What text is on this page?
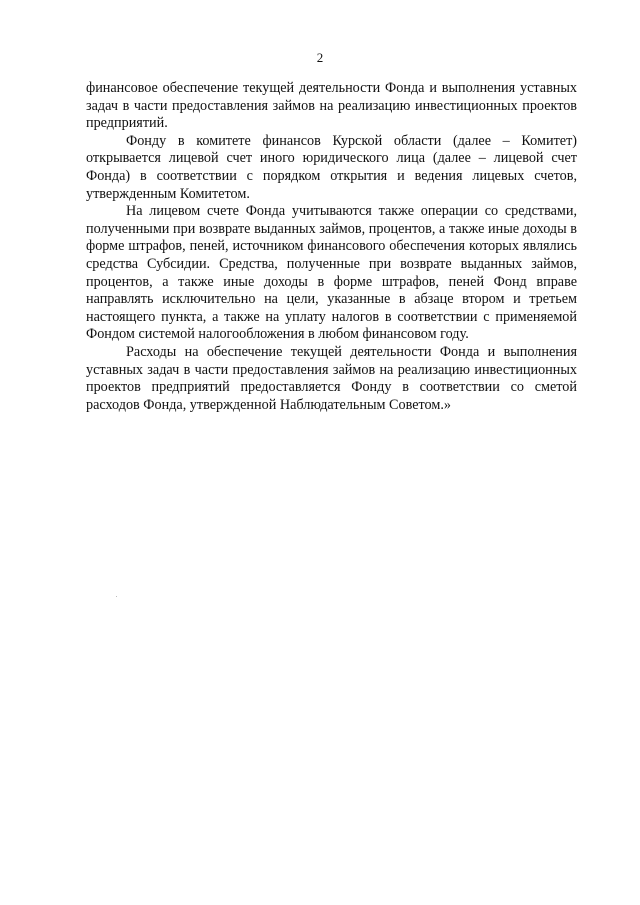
2

финансовое обеспечение текущей деятельности Фонда и выполнения уставных задач в части предоставления займов на реализацию инвестиционных проектов предприятий.

Фонду в комитете финансов Курской области (далее – Комитет) открывается лицевой счет иного юридического лица (далее – лицевой счет Фонда) в соответствии с порядком открытия и ведения лицевых счетов, утвержденным Комитетом.

На лицевом счете Фонда учитываются также операции со средствами, полученными при возврате выданных займов, процентов, а также иные доходы в форме штрафов, пеней, источником финансового обеспечения которых являлись средства Субсидии. Средства, полученные при возврате выданных займов, процентов, а также иные доходы в форме штрафов, пеней Фонд вправе направлять исключительно на цели, указанные в абзаце втором и третьем настоящего пункта, а также на уплату налогов в соответствии с применяемой Фондом системой налогообложения в любом финансовом году.

Расходы на обеспечение текущей деятельности Фонда и выполнения уставных задач в части предоставления займов на реализацию инвестиционных проектов предприятий предоставляется Фонду в соответствии со сметой расходов Фонда, утвержденной Наблюдательным Советом.»
